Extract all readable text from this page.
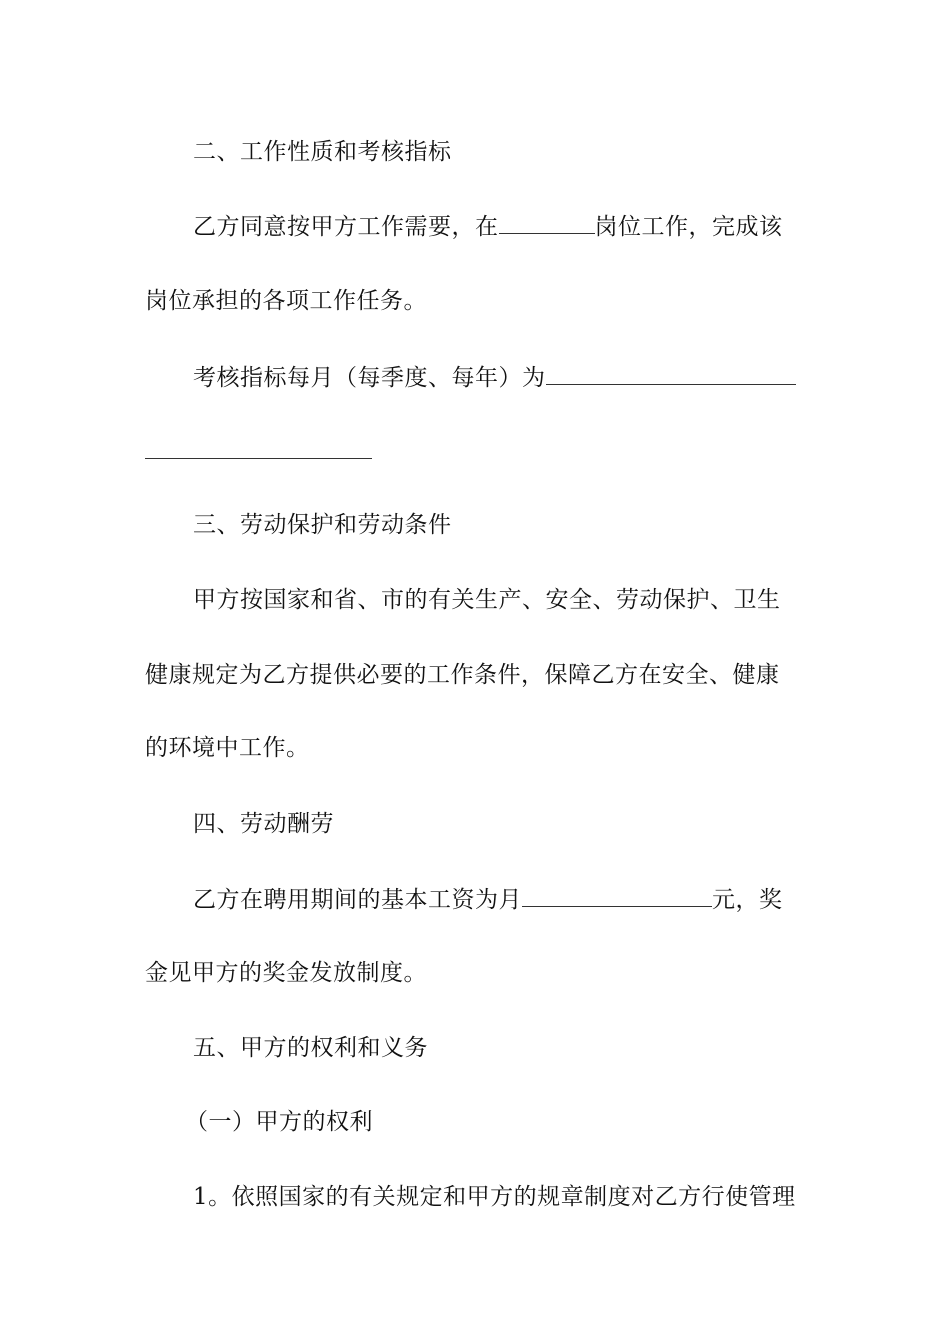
二、工作性质和考核指标
乙方同意按甲方工作需要，在	岗位工作，完成该
岗位承担的各项工作任务。
考核指标每月（每季度、每年）为
三、劳动保护和劳动条件
甲方按国家和省、市的有关生产、安全、劳动保护、卫生
健康规定为乙方提供必要的工作条件，保障乙方在安全、健康
的环境中工作。
四、劳动酬劳
乙方在聘用期间的基本工资为月	元，奖
金见甲方的奖金发放制度。
五、甲方的权利和义务
（一）甲方的权利
1。依照国家的有关规定和甲方的规章制度对乙方行使管理
